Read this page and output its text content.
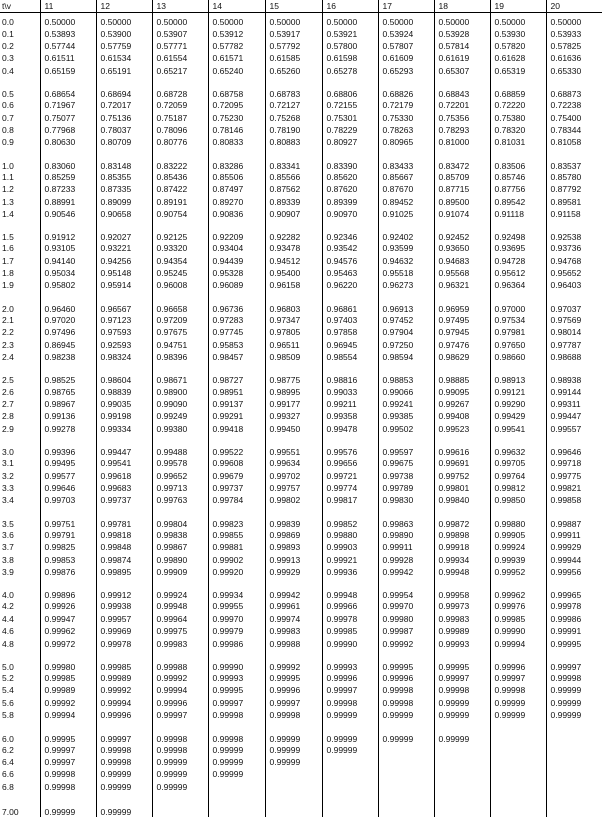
t\v	11	12	13	14	15	16	17	18	19	20
0.0	0.50000	0.50000	0.50000	0.50000	0.50000	0.50000	0.50000	0.50000	0.50000	0.50000
0.1	0.53893	0.53900	0.53907	0.53912	0.53917	0.53921	0.53924	0.53928	0.53930	0.53933
0.2	0.57744	0.57759	0.57771	0.57782	0.57792	0.57800	0.57807	0.57814	0.57820	0.57825
0.3	0.61511	0.61534	0.61554	0.61571	0.61585	0.61598	0.61609	0.61619	0.61628	0.61636
0.4	0.65159	0.65191	0.65217	0.65240	0.65260	0.65278	0.65293	0.65307	0.65319	0.65330
0.5	0.68654	0.68694	0.68728	0.68758	0.68783	0.68806	0.68826	0.68843	0.68859	0.68873
0.6	0.71967	0.72017	0.72059	0.72095	0.72127	0.72155	0.72179	0.72201	0.72220	0.72238
0.7	0.75077	0.75136	0.75187	0.75230	0.75268	0.75301	0.75330	0.75356	0.75380	0.75400
0.8	0.77968	0.78037	0.78096	0.78146	0.78190	0.78229	0.78263	0.78293	0.78320	0.78344
0.9	0.80630	0.80709	0.80776	0.80833	0.80883	0.80927	0.80965	0.81000	0.81031	0.81058
1.0	0.83060	0.83148	0.83222	0.83286	0.83341	0.83390	0.83433	0.83472	0.83506	0.83537
1.1	0.85259	0.85355	0.85436	0.85506	0.85566	0.85620	0.85667	0.85709	0.85746	0.85780
1.2	0.87233	0.87335	0.87422	0.87497	0.87562	0.87620	0.87670	0.87715	0.87756	0.87792
1.3	0.88991	0.89099	0.89191	0.89270	0.89339	0.89399	0.89452	0.89500	0.89542	0.89581
1.4	0.90546	0.90658	0.90754	0.90836	0.90907	0.90970	0.91025	0.91074	0.91118	0.91158
1.5	0.91912	0.92027	0.92125	0.92209	0.92282	0.92346	0.92402	0.92452	0.92498	0.92538
1.6	0.93105	0.93221	0.93320	0.93404	0.93478	0.93542	0.93599	0.93650	0.93695	0.93736
1.7	0.94140	0.94256	0.94354	0.94439	0.94512	0.94576	0.94632	0.94683	0.94728	0.94768
1.8	0.95034	0.95148	0.95245	0.95328	0.95400	0.95463	0.95518	0.95568	0.95612	0.95652
1.9	0.95802	0.95914	0.96008	0.96089	0.96158	0.96220	0.96273	0.96321	0.96364	0.96403
2.0	0.96460	0.96567	0.96658	0.96736	0.96803	0.96861	0.96913	0.96959	0.97000	0.97037
2.1	0.97020	0.97123	0.97209	0.97283	0.97347	0.97403	0.97452	0.97495	0.97534	0.97569
2.2	0.97496	0.97593	0.97675	0.97745	0.97805	0.97858	0.97904	0.97945	0.97981	0.98014
2.3	0.86945	0.92593	0.94751	0.95853	0.96511	0.96945	0.97250	0.97476	0.97650	0.97787
2.4	0.98238	0.98324	0.98396	0.98457	0.98509	0.98554	0.98594	0.98629	0.98660	0.98688
2.5	0.98525	0.98604	0.98671	0.98727	0.98775	0.98816	0.98853	0.98885	0.98913	0.98938
2.6	0.98765	0.98839	0.98900	0.98951	0.98995	0.99033	0.99066	0.99095	0.99121	0.99144
2.7	0.98967	0.99035	0.99090	0.99137	0.99177	0.99211	0.99241	0.99267	0.99290	0.99311
2.8	0.99136	0.99198	0.99249	0.99291	0.99327	0.99358	0.99385	0.99408	0.99429	0.99447
2.9	0.99278	0.99334	0.99380	0.99418	0.99450	0.99478	0.99502	0.99523	0.99541	0.99557
3.0	0.99396	0.99447	0.99488	0.99522	0.99551	0.99576	0.99597	0.99616	0.99632	0.99646
3.1	0.99495	0.99541	0.99578	0.99608	0.99634	0.99656	0.99675	0.99691	0.99705	0.99718
3.2	0.99577	0.99618	0.99652	0.99679	0.99702	0.99721	0.99738	0.99752	0.99764	0.99775
3.3	0.99646	0.99683	0.99713	0.99737	0.99757	0.99774	0.99789	0.99801	0.99812	0.99821
3.4	0.99703	0.99737	0.99763	0.99784	0.99802	0.99817	0.99830	0.99840	0.99850	0.99858
3.5	0.99751	0.99781	0.99804	0.99823	0.99839	0.99852	0.99863	0.99872	0.99880	0.99887
3.6	0.99791	0.99818	0.99838	0.99855	0.99869	0.99880	0.99890	0.99898	0.99905	0.99911
3.7	0.99825	0.99848	0.99867	0.99881	0.99893	0.99903	0.99911	0.99918	0.99924	0.99929
3.8	0.99853	0.99874	0.99890	0.99902	0.99913	0.99921	0.99928	0.99934	0.99939	0.99944
3.9	0.99876	0.99895	0.99909	0.99920	0.99929	0.99936	0.99942	0.99948	0.99952	0.99956
4.0	0.99896	0.99912	0.99924	0.99934	0.99942	0.99948	0.99954	0.99958	0.99962	0.99965
4.2	0.99926	0.99938	0.99948	0.99955	0.99961	0.99966	0.99970	0.99973	0.99976	0.99978
4.4	0.99947	0.99957	0.99964	0.99970	0.99974	0.99978	0.99980	0.99983	0.99985	0.99986
4.6	0.99962	0.99969	0.99975	0.99979	0.99983	0.99985	0.99987	0.99989	0.99990	0.99991
4.8	0.99972	0.99978	0.99983	0.99986	0.99988	0.99990	0.99992	0.99993	0.99994	0.99995
5.0	0.99980	0.99985	0.99988	0.99990	0.99992	0.99993	0.99995	0.99995	0.99996	0.99997
5.2	0.99985	0.99989	0.99992	0.99993	0.99995	0.99996	0.99996	0.99997	0.99997	0.99998
5.4	0.99989	0.99992	0.99994	0.99995	0.99996	0.99997	0.99998	0.99998	0.99998	0.99999
5.6	0.99992	0.99994	0.99996	0.99997	0.99997	0.99998	0.99998	0.99999	0.99999	0.99999
5.8	0.99994	0.99996	0.99997	0.99998	0.99998	0.99999	0.99999	0.99999	0.99999	0.99999
6.0	0.99995	0.99997	0.99998	0.99998	0.99999	0.99999	0.99999	0.99999		
6.2	0.99997	0.99998	0.99998	0.99999	0.99999	0.99999				
6.4	0.99997	0.99998	0.99999	0.99999	0.99999					
6.6	0.99998	0.99999	0.99999	0.99999						
6.8	0.99998	0.99999	0.99999							
7.00	0.99999	0.99999								
